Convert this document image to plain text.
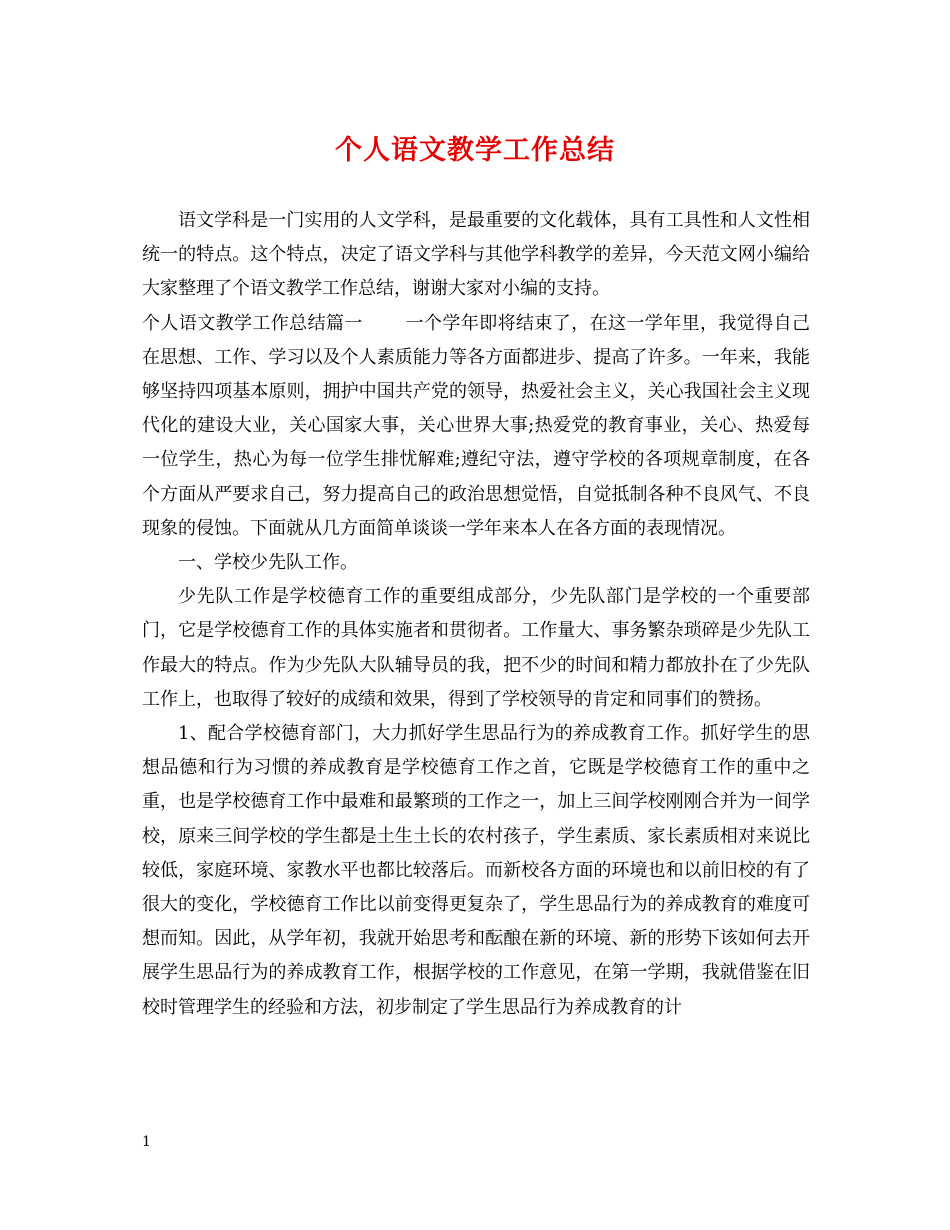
个人语文教学工作总结

语文学科是一门实用的人文学科，是最重要的文化载体，具有工具性和人文性相统一的特点。这个特点，决定了语文学科与其他学科教学的差异，今天范文网小编给大家整理了个语文教学工作总结，谢谢大家对小编的支持。

个人语文教学工作总结篇一 一个学年即将结束了，在这一学年里，我觉得自己在思想、工作、学习以及个人素质能力等各方面都进步、提高了许多。一年来，我能够坚持四项基本原则，拥护中国共产党的领导，热爱社会主义，关心我国社会主义现代化的建设大业，关心国家大事，关心世界大事;热爱党的教育事业，关心、热爱每一位学生，热心为每一位学生排忧解难;遵纪守法，遵守学校的各项规章制度，在各个方面从严要求自己，努力提高自己的政治思想觉悟，自觉抵制各种不良风气、不良现象的侵蚀。下面就从几方面简单谈谈一学年来本人在各方面的表现情况。

一、学校少先队工作。

少先队工作是学校德育工作的重要组成部分，少先队部门是学校的一个重要部门，它是学校德育工作的具体实施者和贯彻者。工作量大、事务繁杂琐碎是少先队工作最大的特点。作为少先队大队辅导员的我，把不少的时间和精力都放扑在了少先队工作上，也取得了较好的成绩和效果，得到了学校领导的肯定和同事们的赞扬。

1、配合学校德育部门，大力抓好学生思品行为的养成教育工作。抓好学生的思想品德和行为习惯的养成教育是学校德育工作之首，它既是学校德育工作的重中之重，也是学校德育工作中最难和最繁琐的工作之一，加上三间学校刚刚合并为一间学校，原来三间学校的学生都是土生土长的农村孩子，学生素质、家长素质相对来说比较低，家庭环境、家教水平也都比较落后。而新校各方面的环境也和以前旧校的有了很大的变化，学校德育工作比以前变得更复杂了，学生思品行为的养成教育的难度可想而知。因此，从学年初，我就开始思考和酝酿在新的环境、新的形势下该如何去开展学生思品行为的养成教育工作，根据学校的工作意见，在第一学期，我就借鉴在旧校时管理学生的经验和方法，初步制定了学生思品行为养成教育的计

1
